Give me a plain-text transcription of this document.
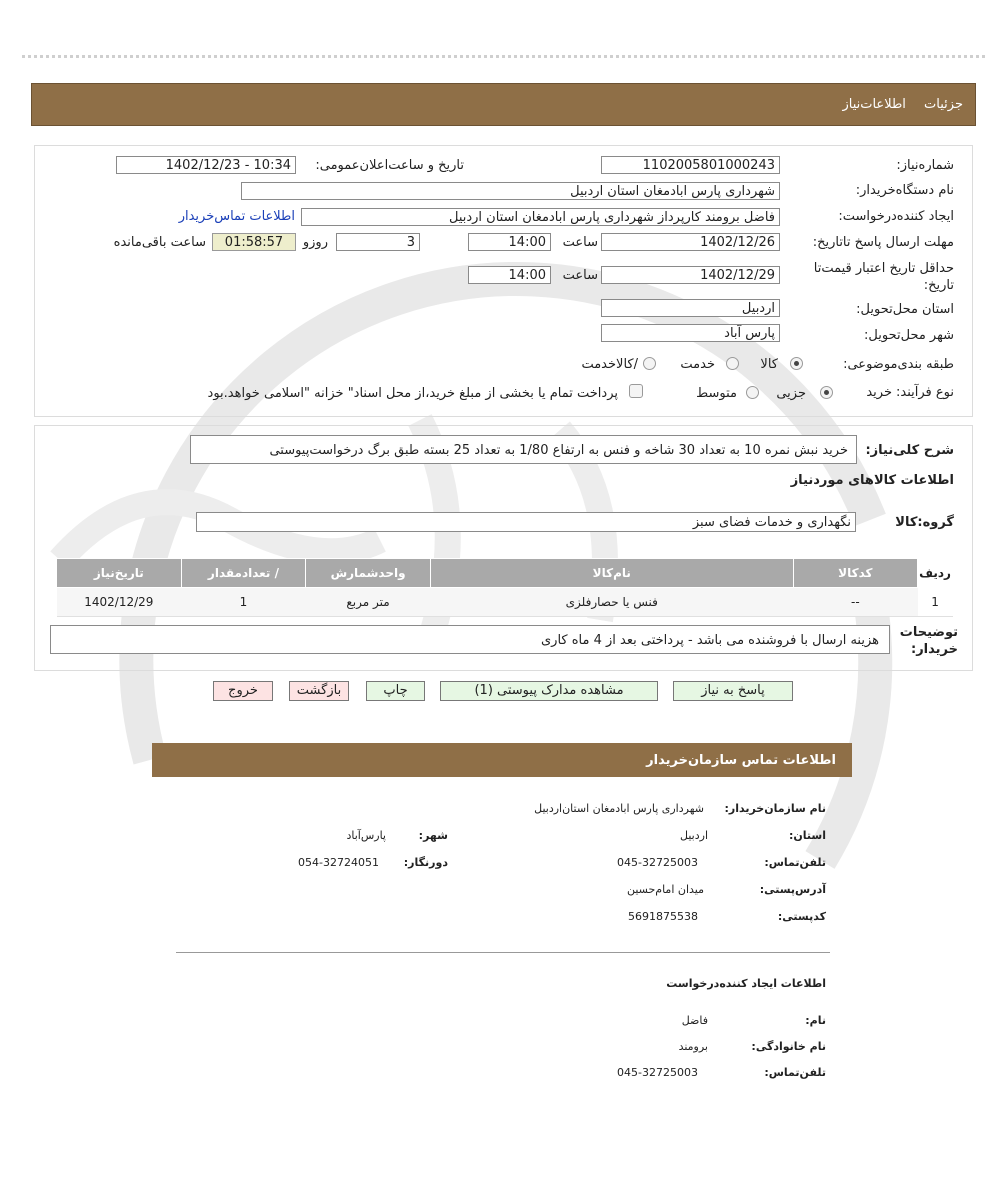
جزئیات اطلاعات‌نیاز
شماره‌نیاز:
1102005801000243
تاریخ و ساعت‌اعلان‌عمومی:
1402/12/23 - 10:34
نام دستگاه‌خریدار:
شهرداری پارس ابادمغان استان اردبیل
ایجاد کننده‌درخواست:
فاضل برومند کارپرداز شهرداری پارس ابادمغان استان اردبیل
اطلاعات تماس‌خریدار
مهلت ارسال پاسخ تا‌تاریخ:
1402/12/26
ساعت
14:00
3
روزو
01:58:57
ساعت باقی‌مانده
حداقل تاریخ اعتبار قیمت‌تا تاریخ:
1402/12/29
ساعت
14:00
استان محل‌تحویل:
اردبیل
شهر محل‌تحویل:
پارس آباد
طبقه بندی‌موضوعی:
کالا
خدمت
/کالا‌خدمت
نوع فرآیند:
خرید
جزیی
متوسط
پرداخت تمام یا بخشی از مبلغ خرید،از محل اسناد" خزانه "اسلامی خواهد.بود
شرح کلی‌نیاز:
خرید نبش نمره 10 به تعداد 30 شاخه و فنس به ارتفاع 1/80 به تعداد 25 بسته طبق برگ درخواست‌پیوستی
اطلاعات کالاهای موردنیاز
گروه:کالا
نگهداری و خدمات فضای سبز
ردیف	کدکالا	نام‌کالا	واحدشمارش	/ تعدادمقدار	تاریخ‌نیاز
1	--	فنس یا حصارفلزی	متر مربع	1	1402/12/29
توضیحات خریدار:
هزینه ارسال با فروشنده می باشد - پرداختی بعد از 4 ماه کاری
پاسخ به نیاز
مشاهده مدارک پیوستی (1)
چاپ
بازگشت
خروج
اطلاعات تماس سازمان‌خریدار
نام سازمان‌خریدار:
شهرداری پارس ابادمغان استان‌اردبیل
استان:
اردبیل
شهر:
پارس‌آباد
تلفن‌تماس:
045-32725003
دورنگار:
054-32724051
آدرس‌پستی:
میدان امام‌حسین
کد‌پستی:
5691875538
اطلاعات ایجاد کننده‌درخواست
نام:
فاضل
نام خانوادگی:
برومند
تلفن‌تماس:
045-32725003
